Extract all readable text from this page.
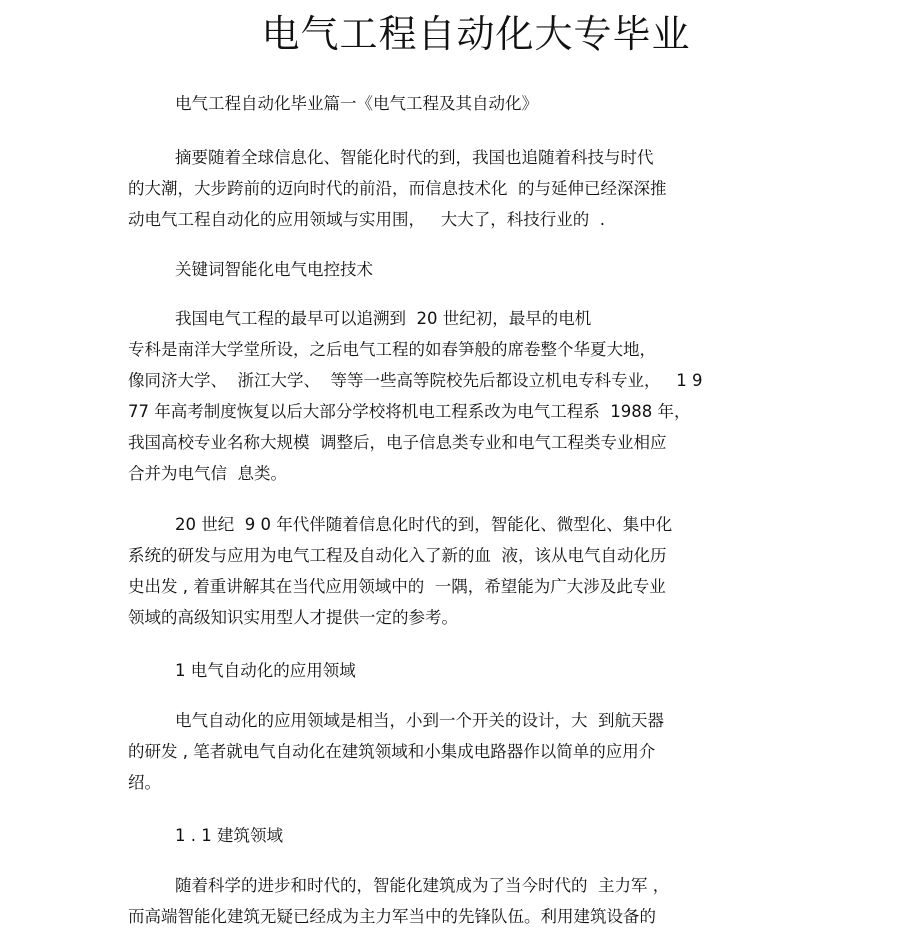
电气工程自动化大专毕业
电气工程自动化毕业篇一《电气工程及其自动化》
摘要随着全球信息化、智能化时代的到，我国也追随着科技与时代
的大潮，大步跨前的迈向时代的前沿，而信息技术化  的与延伸已经深深推
动电气工程自动化的应用领域与实用围，   大大了，科技行业的  .
关键词智能化电气电控技术
我国电气工程的最早可以追溯到  20 世纪初，最早的电机
专科是南洋大学堂所设，之后电气工程的如春笋般的席卷整个华夏大地，
像同济大学、  浙江大学、  等等一些高等院校先后都设立机电专科专业，   1 9
77 年高考制度恢复以后大部分学校将机电工程系改为电气工程系  1988 年，
我国高校专业名称大规模  调整后，电子信息类专业和电气工程类专业相应
合并为电气信  息类。
20 世纪  9 0 年代伴随着信息化时代的到，智能化、微型化、集中化
系统的研发与应用为电气工程及自动化入了新的血  液，该从电气自动化历
史出发 , 着重讲解其在当代应用领域中的  一隅，希望能为广大涉及此专业
领域的高级知识实用型人才提供一定的参考。
1 电气自动化的应用领域
电气自动化的应用领域是相当，小到一个开关的设计，大  到航天器
的研发 , 笔者就电气自动化在建筑领域和小集成电路器作以简单的应用介
绍。
1 . 1 建筑领域
随着科学的进步和时代的，智能化建筑成为了当今时代的  主力军 ，
而高端智能化建筑无疑已经成为主力军当中的先锋队伍。利用建筑设备的
